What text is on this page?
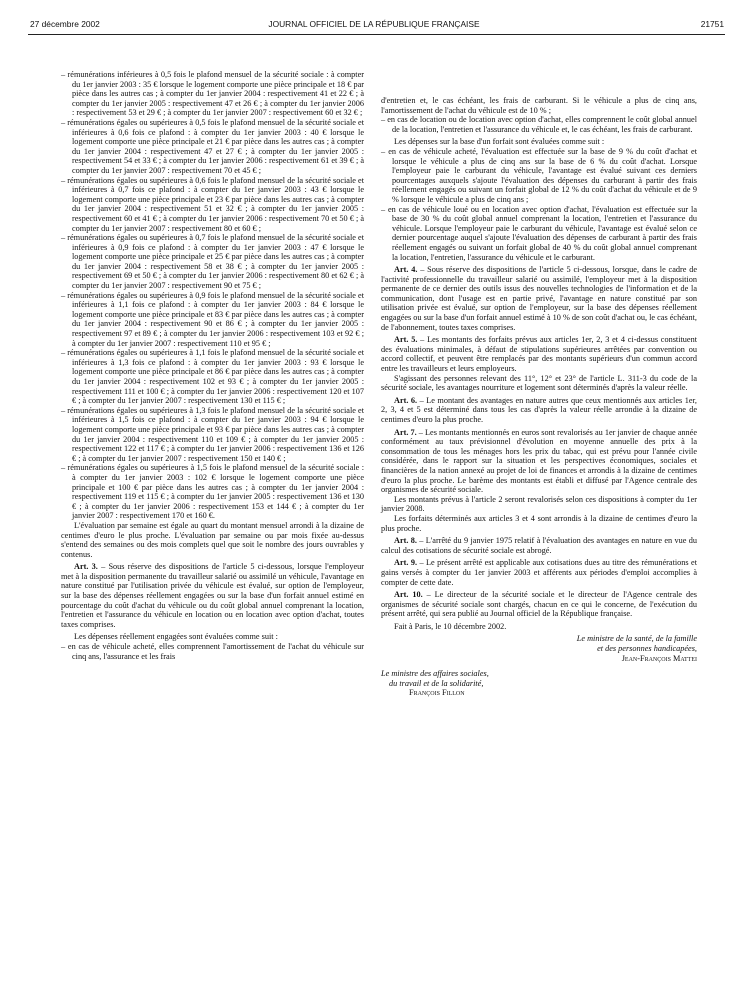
27 décembre 2002	JOURNAL OFFICIEL DE LA RÉPUBLIQUE FRANÇAISE	21751

– rémunérations inférieures à 0,5 fois le plafond mensuel de la sécurité sociale : à compter du 1er janvier 2003 : 35 € lorsque le logement comporte une pièce principale et 18 € par pièce dans les autres cas ; à compter du 1er janvier 2004 : respectivement 41 et 22 € ; à compter du 1er janvier 2005 : respectivement 47 et 26 € ; à compter du 1er janvier 2006 : respectivement 53 et 29 € ; à compter du 1er janvier 2007 : respectivement 60 et 32 € ;

– rémunérations égales ou supérieures à 0,5 fois le plafond mensuel de la sécurité sociale et inférieures à 0,6 fois ce plafond : à compter du 1er janvier 2003 : 40 € lorsque le logement comporte une pièce principale et 21 € par pièce dans les autres cas ; à compter du 1er janvier 2004 : respectivement 47 et 27 € ; à compter du 1er janvier 2005 : respectivement 54 et 33 € ; à compter du 1er janvier 2006 : respectivement 61 et 39 € ; à compter du 1er janvier 2007 : respectivement 70 et 45 € ;

– rémunérations égales ou supérieures à 0,6 fois le plafond mensuel de la sécurité sociale et inférieures à 0,7 fois ce plafond : à compter du 1er janvier 2003 : 43 € lorsque le logement comporte une pièce principale et 23 € par pièce dans les autres cas ; à compter du 1er janvier 2004 : respectivement 51 et 32 € ; à compter du 1er janvier 2005 : respectivement 60 et 41 € ; à compter du 1er janvier 2006 : respectivement 70 et 50 € ; à compter du 1er janvier 2007 : respectivement 80 et 60 € ;

– rémunérations égales ou supérieures à 0,7 fois le plafond mensuel de la sécurité sociale et inférieures à 0,9 fois ce plafond : à compter du 1er janvier 2003 : 47 € lorsque le logement comporte une pièce principale et 25 € par pièce dans les autres cas ; à compter du 1er janvier 2004 : respectivement 58 et 38 € ; à compter du 1er janvier 2005 : respectivement 69 et 50 € ; à compter du 1er janvier 2006 : respectivement 80 et 62 € ; à compter du 1er janvier 2007 : respectivement 90 et 75 € ;

– rémunérations égales ou supérieures à 0,9 fois le plafond mensuel de la sécurité sociale et inférieures à 1,1 fois ce plafond : à compter du 1er janvier 2003 : 84 € lorsque le logement comporte une pièce principale et 83 € par pièce dans les autres cas ; à compter du 1er janvier 2004 : respectivement 90 et 86 € ; à compter du 1er janvier 2005 : respectivement 97 et 89 € ; à compter du 1er janvier 2006 : respectivement 103 et 92 € ; à compter du 1er janvier 2007 : respectivement 110 et 95 € ;

– rémunérations égales ou supérieures à 1,1 fois le plafond mensuel de la sécurité sociale et inférieures à 1,3 fois ce plafond : à compter du 1er janvier 2003 : 93 € lorsque le logement comporte une pièce principale et 86 € par pièce dans les autres cas ; à compter du 1er janvier 2004 : respectivement 102 et 93 € ; à compter du 1er janvier 2005 : respectivement 111 et 100 € ; à compter du 1er janvier 2006 : respectivement 120 et 107 € ; à compter du 1er janvier 2007 : respectivement 130 et 115 € ;

– rémunérations égales ou supérieures à 1,3 fois le plafond mensuel de la sécurité sociale et inférieures à 1,5 fois ce plafond : à compter du 1er janvier 2003 : 94 € lorsque le logement comporte une pièce principale et 93 € par pièce dans les autres cas ; à compter du 1er janvier 2004 : respectivement 110 et 109 € ; à compter du 1er janvier 2005 : respectivement 122 et 117 € ; à compter du 1er janvier 2006 : respectivement 136 et 126 € ; à compter du 1er janvier 2007 : respectivement 150 et 140 € ;

– rémunérations égales ou supérieures à 1,5 fois le plafond mensuel de la sécurité sociale : à compter du 1er janvier 2003 : 102 € lorsque le logement comporte une pièce principale et 100 € par pièce dans les autres cas ; à compter du 1er janvier 2004 : respectivement 119 et 115 € ; à compter du 1er janvier 2005 : respectivement 136 et 130 € ; à compter du 1er janvier 2006 : respectivement 153 et 144 € ; à compter du 1er janvier 2007 : respectivement 170 et 160 €.

L'évaluation par semaine est égale au quart du montant mensuel arrondi à la dizaine de centimes d'euro le plus proche. L'évaluation par semaine ou par mois fixée au-dessus s'entend des semaines ou des mois complets quel que soit le nombre des jours ouvrables y contenus.

Art. 3. – Sous réserve des dispositions de l'article 5 ci-dessous, lorsque l'employeur met à la disposition permanente du travailleur salarié ou assimilé un véhicule, l'avantage en nature constitué par l'utilisation privée du véhicule est évalué, sur option de l'employeur, sur la base des dépenses réellement engagées ou sur la base d'un forfait annuel estimé en pourcentage du coût d'achat du véhicule ou du coût global annuel comprenant la location, l'entretien et l'assurance du véhicule en location ou en location avec option d'achat, toutes taxes comprises.

Les dépenses réellement engagées sont évaluées comme suit :

– en cas de véhicule acheté, elles comprennent l'amortissement de l'achat du véhicule sur cinq ans, l'assurance et les frais

d'entretien et, le cas échéant, les frais de carburant. Si le véhicule a plus de cinq ans, l'amortissement de l'achat du véhicule est de 10 % ;

– en cas de location ou de location avec option d'achat, elles comprennent le coût global annuel de la location, l'entretien et l'assurance du véhicule et, le cas échéant, les frais de carburant.

Les dépenses sur la base d'un forfait sont évaluées comme suit :

– en cas de véhicule acheté, l'évaluation est effectuée sur la base de 9 % du coût d'achat et lorsque le véhicule a plus de cinq ans sur la base de 6 % du coût d'achat. Lorsque l'employeur paie le carburant du véhicule, l'avantage est évalué suivant ces derniers pourcentages auxquels s'ajoute l'évaluation des dépenses du carburant à partir des frais réellement engagés ou suivant un forfait global de 12 % du coût d'achat du véhicule et de 9 % lorsque le véhicule a plus de cinq ans ;

– en cas de véhicule loué ou en location avec option d'achat, l'évaluation est effectuée sur la base de 30 % du coût global annuel comprenant la location, l'entretien et l'assurance du véhicule. Lorsque l'employeur paie le carburant du véhicule, l'avantage est évalué selon ce dernier pourcentage auquel s'ajoute l'évaluation des dépenses de carburant à partir des frais réellement engagés ou suivant un forfait global de 40 % du coût global annuel comprenant la location, l'entretien, l'assurance du véhicule et le carburant.

Art. 4. – Sous réserve des dispositions de l'article 5 ci-dessous, lorsque, dans le cadre de l'activité professionnelle du travailleur salarié ou assimilé, l'employeur met à la disposition permanente de ce dernier des outils issus des nouvelles technologies de l'information et de la communication, dont l'usage est en partie privé, l'avantage en nature constitué par son utilisation privée est évalué, sur option de l'employeur, sur la base des dépenses réellement engagées ou sur la base d'un forfait annuel estimé à 10 % de son coût d'achat ou, le cas échéant, de l'abonnement, toutes taxes comprises.

Art. 5. – Les montants des forfaits prévus aux articles 1er, 2, 3 et 4 ci-dessus constituent des évaluations minimales, à défaut de stipulations supérieures arrêtées par convention ou accord collectif, et peuvent être remplacés par des montants supérieurs d'un commun accord entre les travailleurs et leurs employeurs.

S'agissant des personnes relevant des 11°, 12° et 23° de l'article L. 311-3 du code de la sécurité sociale, les avantages nourriture et logement sont déterminés d'après la valeur réelle.

Art. 6. – Le montant des avantages en nature autres que ceux mentionnés aux articles 1er, 2, 3, 4 et 5 est déterminé dans tous les cas d'après la valeur réelle arrondie à la dizaine de centimes d'euro la plus proche.

Art. 7. – Les montants mentionnés en euros sont revalorisés au 1er janvier de chaque année conformément au taux prévisionnel d'évolution en moyenne annuelle des prix à la consommation de tous les ménages hors les prix du tabac, qui est prévu pour l'année civile considérée, dans le rapport sur la situation et les perspectives économiques, sociales et financières de la nation annexé au projet de loi de finances et arrondis à la dizaine de centimes d'euro la plus proche. Le barème des montants est établi et diffusé par l'Agence centrale des organismes de sécurité sociale.

Les montants prévus à l'article 2 seront revalorisés selon ces dispositions à compter du 1er janvier 2008.

Les forfaits déterminés aux articles 3 et 4 sont arrondis à la dizaine de centimes d'euro la plus proche.

Art. 8. – L'arrêté du 9 janvier 1975 relatif à l'évaluation des avantages en nature en vue du calcul des cotisations de sécurité sociale est abrogé.

Art. 9. – Le présent arrêté est applicable aux cotisations dues au titre des rémunérations et gains versés à compter du 1er janvier 2003 et afférents aux périodes d'emploi accomplies à compter de cette date.

Art. 10. – Le directeur de la sécurité sociale et le directeur de l'Agence centrale des organismes de sécurité sociale sont chargés, chacun en ce qui le concerne, de l'exécution du présent arrêté, qui sera publié au Journal officiel de la République française.

Fait à Paris, le 10 décembre 2002.

Le ministre de la santé, de la famille
et des personnes handicapées,
Jean-François Mattei
Le ministre des affaires sociales,
du travail et de la solidarité,
François Fillon
